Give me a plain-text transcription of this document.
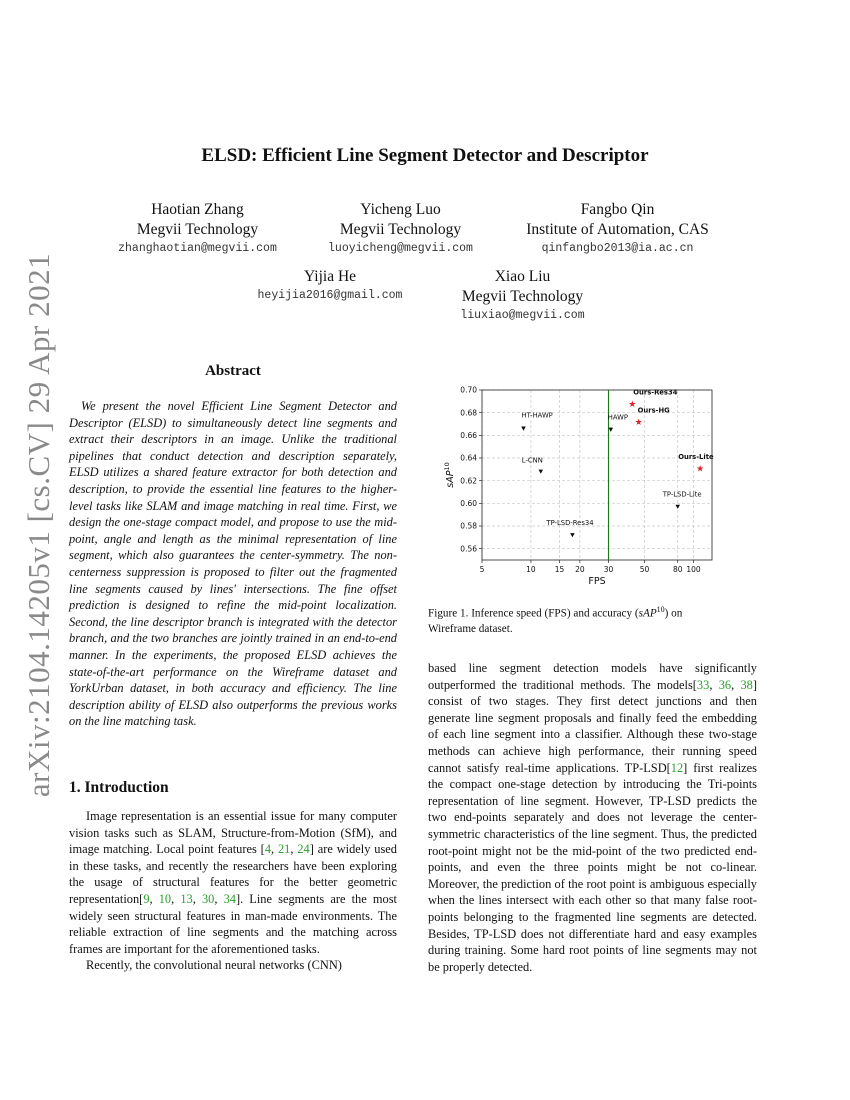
arXiv:2104.14205v1 [cs.CV] 29 Apr 2021
ELSD: Efficient Line Segment Detector and Descriptor
Haotian Zhang
Megvii Technology
zhanghaotian@megvii.com
Yicheng Luo
Megvii Technology
luoyicheng@megvii.com
Fangbo Qin
Institute of Automation, CAS
qinfangbo2013@ia.ac.cn
Yijia He
heyijia2016@gmail.com
Xiao Liu
Megvii Technology
liuxiao@megvii.com
Abstract
We present the novel Efficient Line Segment Detector and Descriptor (ELSD) to simultaneously detect line segments and extract their descriptors in an image. Unlike the traditional pipelines that conduct detection and description separately, ELSD utilizes a shared feature extractor for both detection and description, to provide the essential line features to the higher-level tasks like SLAM and image matching in real time. First, we design the one-stage compact model, and propose to use the mid-point, angle and length as the minimal representation of line segment, which also guarantees the center-symmetry. The non-centerness suppression is proposed to filter out the fragmented line segments caused by lines' intersections. The fine offset prediction is designed to refine the mid-point localization. Second, the line descriptor branch is integrated with the detector branch, and the two branches are jointly trained in an end-to-end manner. In the experiments, the proposed ELSD achieves the state-of-the-art performance on the Wireframe dataset and YorkUrban dataset, in both accuracy and efficiency. The line description ability of ELSD also outperforms the previous works on the line matching task.
1. Introduction

Image representation is an essential issue for many computer vision tasks such as SLAM, Structure-from-Motion (SfM), and image matching. Local point features [4, 21, 24] are widely used in these tasks, and recently the researchers have been exploring the usage of structural features for the better geometric representation[9, 10, 13, 30, 34]. Line segments are the most widely seen structural features in man-made environments. The reliable extraction of line segments and the matching across frames are important for the aforementioned tasks.

Recently, the convolutional neural networks (CNN)

5	10	15 20	30	50	80 100
0.56
0.58
0.60
0.62
0.64
0.66
0.68
0.70
FPS
sAP$^{10}$
HT-HAWP
L-CNN
TP-LSD-Res34
HAWP
TP-LSD-Lite
★
Ours-Res34
★
Ours-HG
★
Ours-Lite
Figure 1. Inference speed (FPS) and accuracy (sAP$^{10}$) on Wireframe dataset.

based line segment detection models have significantly outperformed the traditional methods. The models[33, 36, 38] consist of two stages. They first detect junctions and then generate line segment proposals and finally feed the embedding of each line segment into a classifier. Although these two-stage methods can achieve high performance, their running speed cannot satisfy real-time applications. TP-LSD[12] first realizes the compact one-stage detection by introducing the Tri-points representation of line segment. However, TP-LSD predicts the two end-points separately and does not leverage the center-symmetric characteristics of the line segment. Thus, the predicted root-point might not be the mid-point of the two predicted end-points, and even the three points might be not co-linear. Moreover, the prediction of the root point is ambiguous especially when the lines intersect with each other so that many false root-points belonging to the fragmented line segments are detected. Besides, TP-LSD does not differentiate hard and easy examples during training. Some hard root points of line segments may not be properly detected.
